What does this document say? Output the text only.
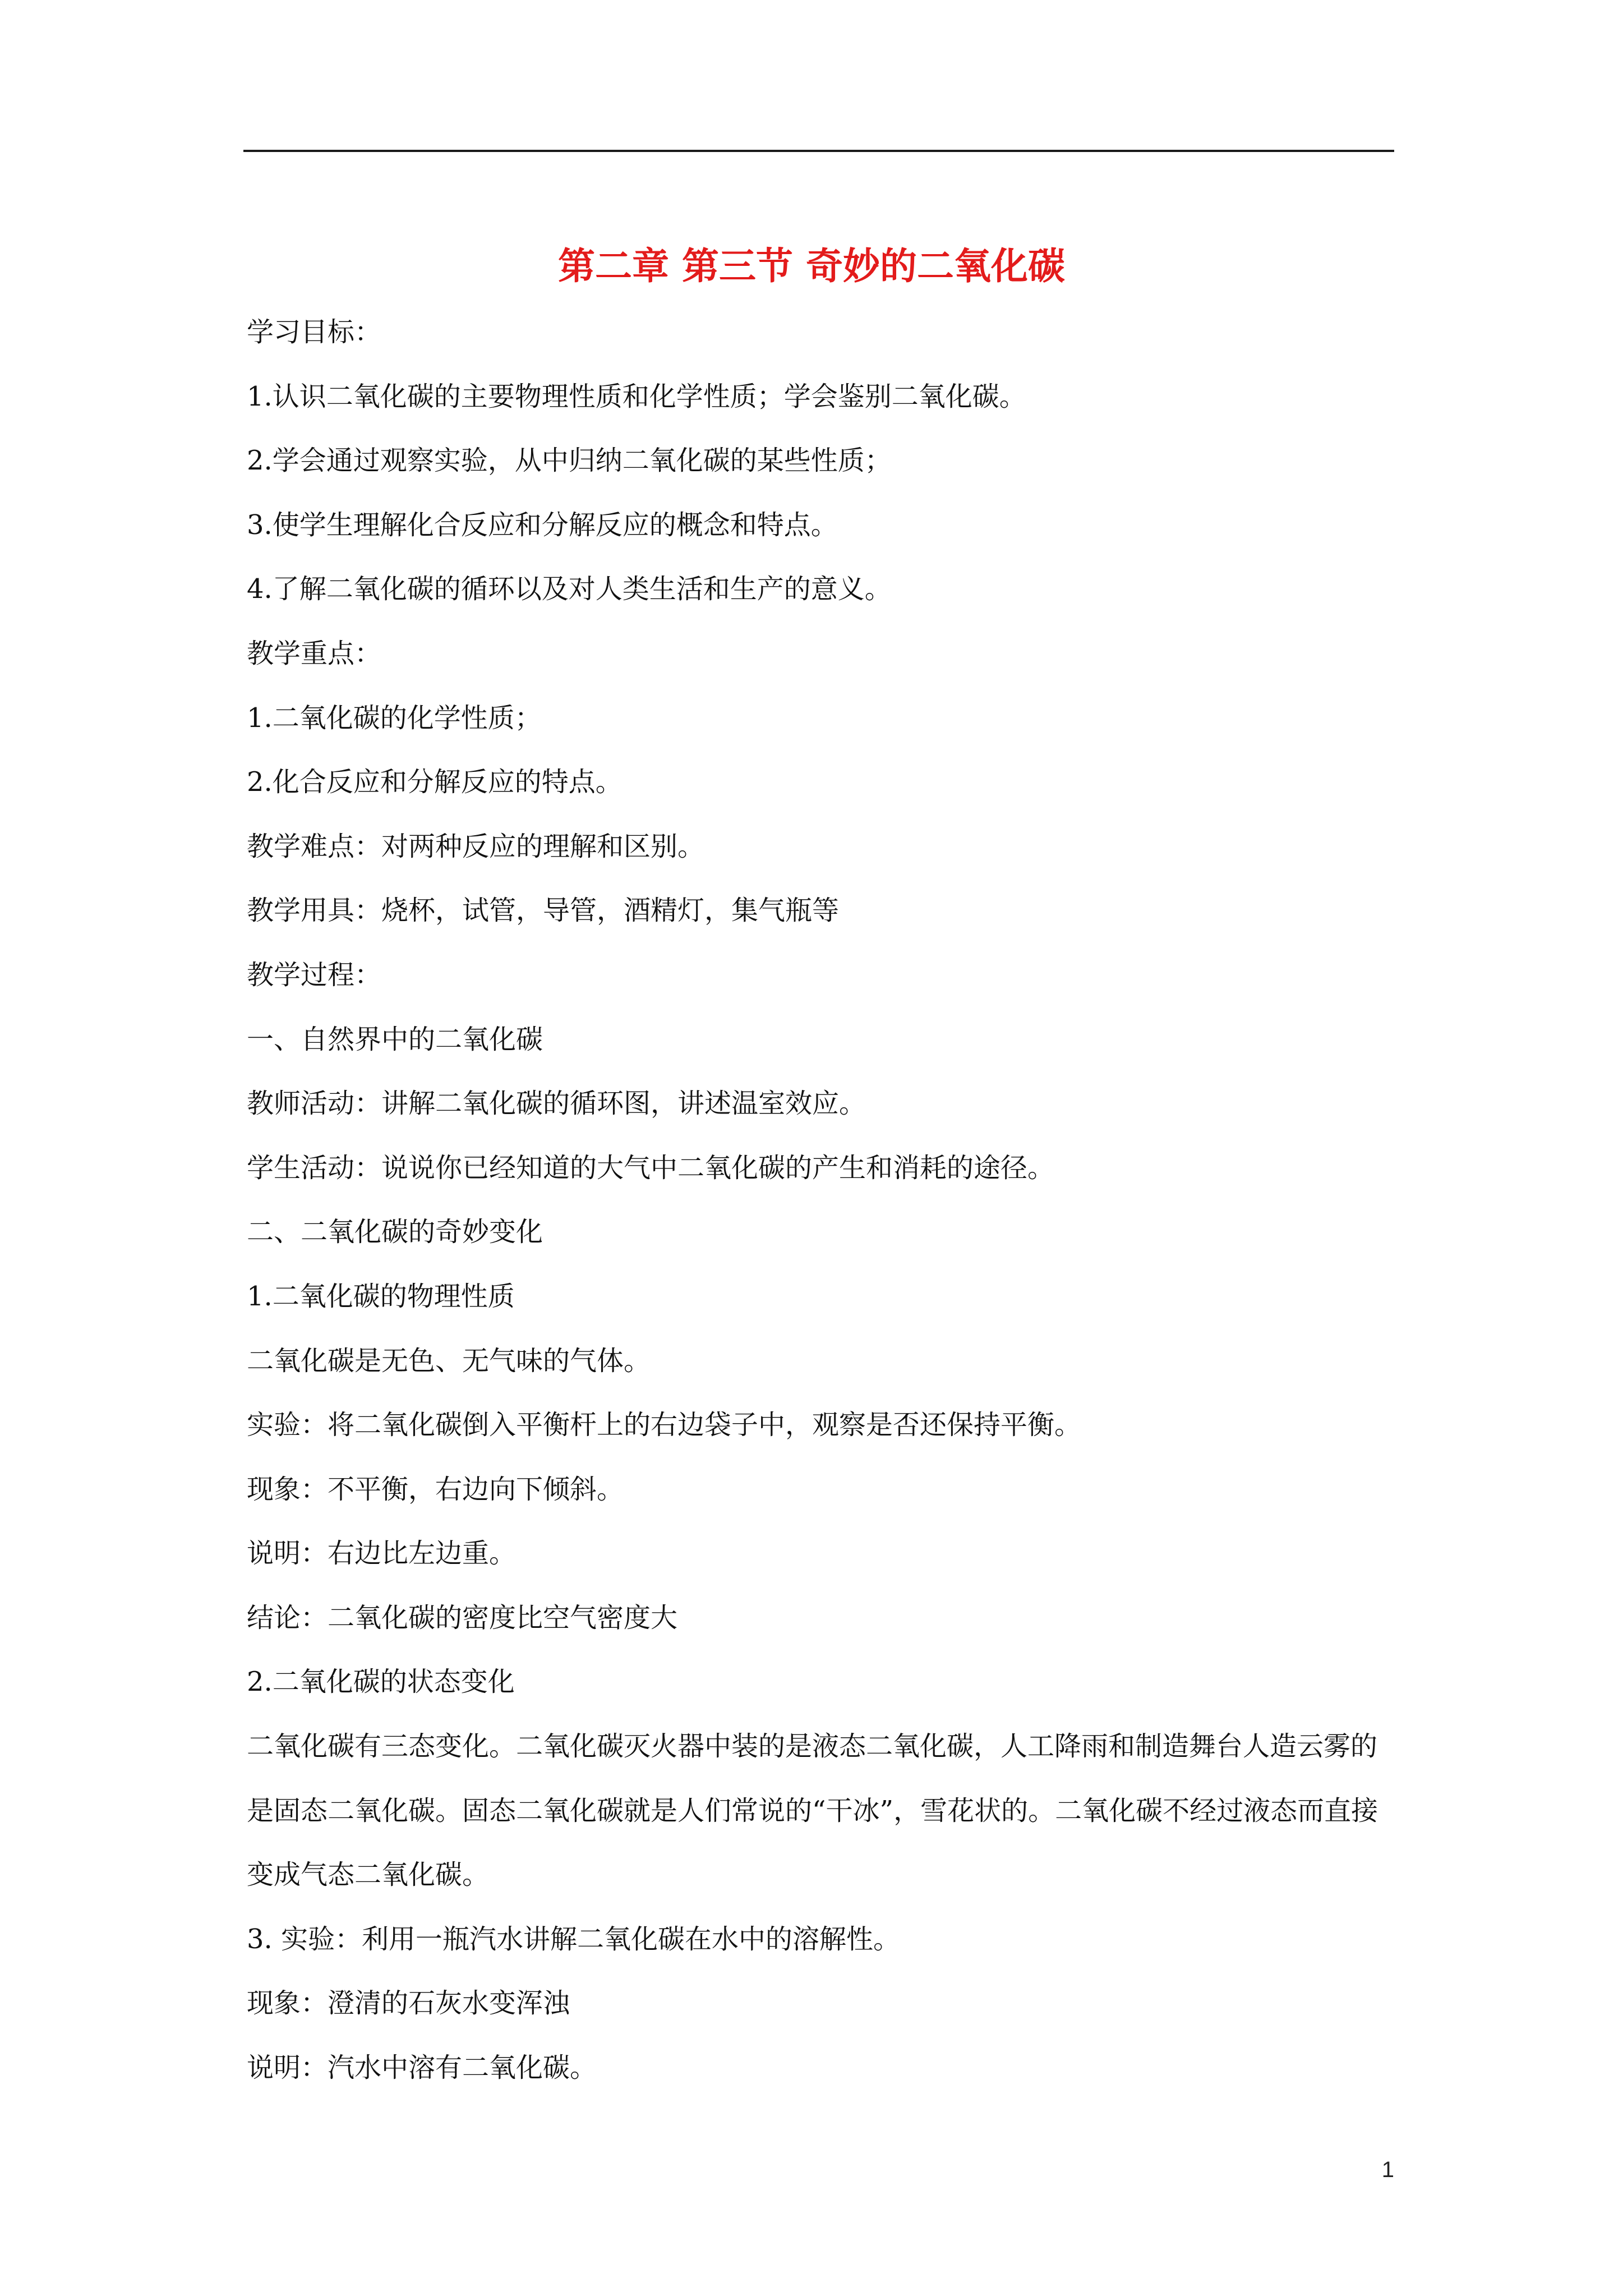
第二章 第三节 奇妙的二氧化碳

学习目标：

1.认识二氧化碳的主要物理性质和化学性质；学会鉴别二氧化碳。

2.学会通过观察实验，从中归纳二氧化碳的某些性质；

3.使学生理解化合反应和分解反应的概念和特点。

4.了解二氧化碳的循环以及对人类生活和生产的意义。

教学重点：

1.二氧化碳的化学性质；

2.化合反应和分解反应的特点。

教学难点：对两种反应的理解和区别。

教学用具：烧杯，试管，导管，酒精灯，集气瓶等

教学过程：

一、自然界中的二氧化碳

教师活动：讲解二氧化碳的循环图，讲述温室效应。

学生活动：说说你已经知道的大气中二氧化碳的产生和消耗的途径。

二、二氧化碳的奇妙变化

1.二氧化碳的物理性质

二氧化碳是无色、无气味的气体。

实验：将二氧化碳倒入平衡杆上的右边袋子中，观察是否还保持平衡。

现象：不平衡，右边向下倾斜。

说明：右边比左边重。

结论：二氧化碳的密度比空气密度大

2.二氧化碳的状态变化

二氧化碳有三态变化。二氧化碳灭火器中装的是液态二氧化碳，人工降雨和制造舞台人造云雾的是固态二氧化碳。固态二氧化碳就是人们常说的“干冰”，雪花状的。二氧化碳不经过液态而直接变成气态二氧化碳。

3. 实验：利用一瓶汽水讲解二氧化碳在水中的溶解性。

现象：澄清的石灰水变浑浊

说明：汽水中溶有二氧化碳。

1
